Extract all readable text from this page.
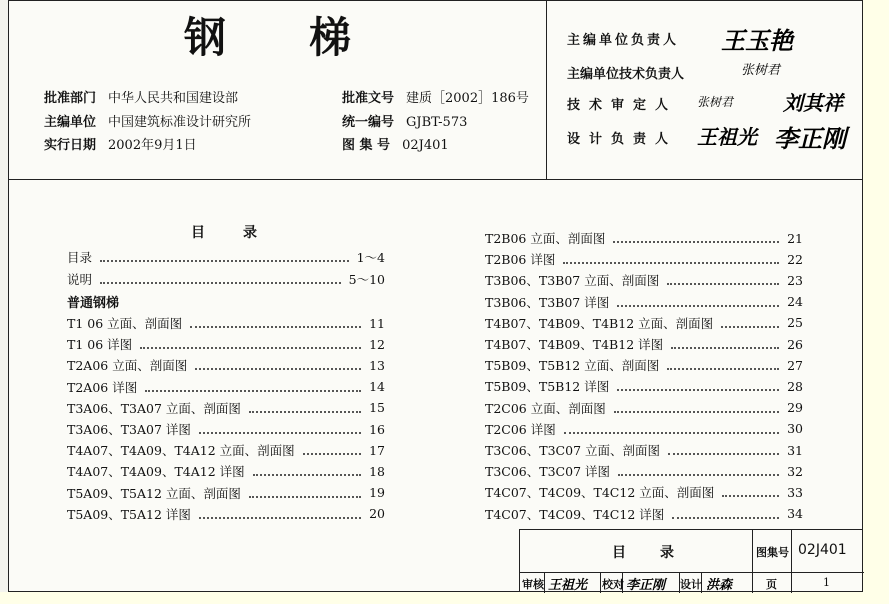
钢 梯
批准部门 中华人民共和国建设部
主编单位 中国建筑标准设计研究所
实行日期 2002年9月1日
批准文号 建质［2002］186号
统一编号 GJBT-573
图 集 号 02J401
主编单位负责人 王玉艳
主编单位技术负责人	张树君
技术审定人 张树君 刘其祥
设计负责人 王祖光 李正刚
目	录
目录	1～4
说明	5～10
T1 06 立面、剖面图	11
T1 06 详图	12
T2A06 立面、剖面图	13
T2A06 详图	14
T3A06、T3A07 立面、剖面图	15
T3A06、T3A07 详图	16
T4A07、T4A09、T4A12 立面、剖面图	17
T4A07、T4A09、T4A12 详图	18
T5A09、T5A12 立面、剖面图	19
T5A09、T5A12 详图	20
普通钢梯
T2B06 立面、剖面图	21
T2B06 详图	22
T3B06、T3B07 立面、剖面图	23
T3B06、T3B07 详图	24
T4B07、T4B09、T4B12 立面、剖面图	25
T4B07、T4B09、T4B12 详图	26
T5B09、T5B12 立面、剖面图	27
T5B09、T5B12 详图	28
T2C06 立面、剖面图	29
T2C06 详图	30
T3C06、T3C07 立面、剖面图	31
T3C06、T3C07 详图	32
T4C07、T4C09、T4C12 立面、剖面图	33
T4C07、T4C09、T4C12 详图	34
目 录	图集号 02J401
审核 王祖光 校对 李正刚 设计 洪森	页	1
